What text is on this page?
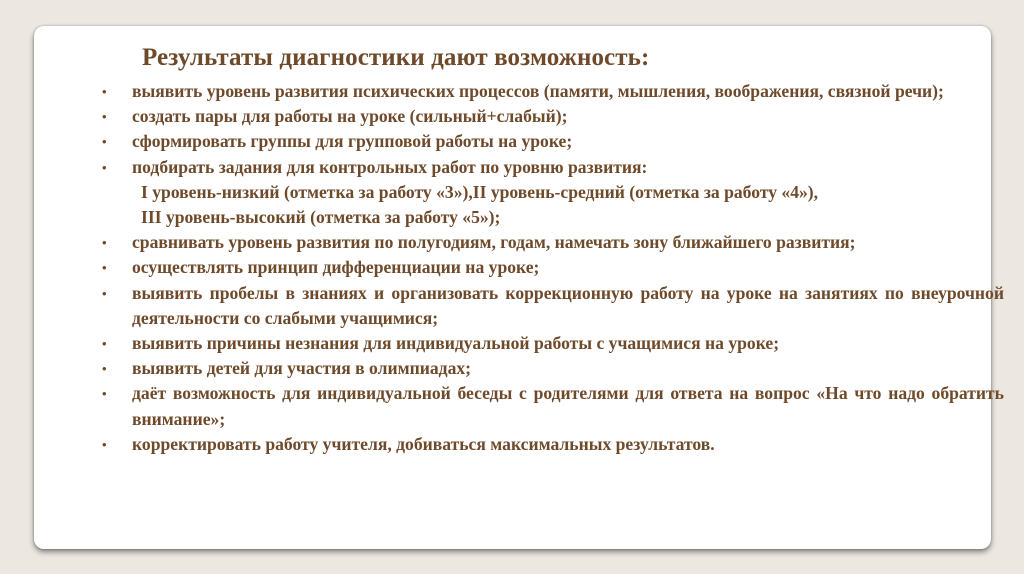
Результаты диагностики дают возможность:
• выявить уровень развития психических процессов (памяти, мышления, воображения, связной речи);
• создать пары для работы на уроке (сильный+слабый);
• сформировать группы для групповой работы на уроке;
• подбирать задания для контрольных работ по уровню развития:
I уровень-низкий (отметка за работу «3»),II уровень-средний (отметка за работу «4»),
III уровень-высокий (отметка за работу «5»);
• сравнивать уровень развития по полугодиям, годам, намечать зону ближайшего развития;
• осуществлять принцип дифференциации на уроке;
• выявить пробелы в знаниях и организовать коррекционную работу на уроке на занятиях по внеурочной деятельности со слабыми учащимися;
• выявить причины незнания для индивидуальной работы с учащимися на уроке;
• выявить детей для участия в олимпиадах;
• даёт возможность для индивидуальной беседы с родителями для ответа на вопрос «На что надо обратить внимание»;
• корректировать работу учителя, добиваться максимальных результатов.
